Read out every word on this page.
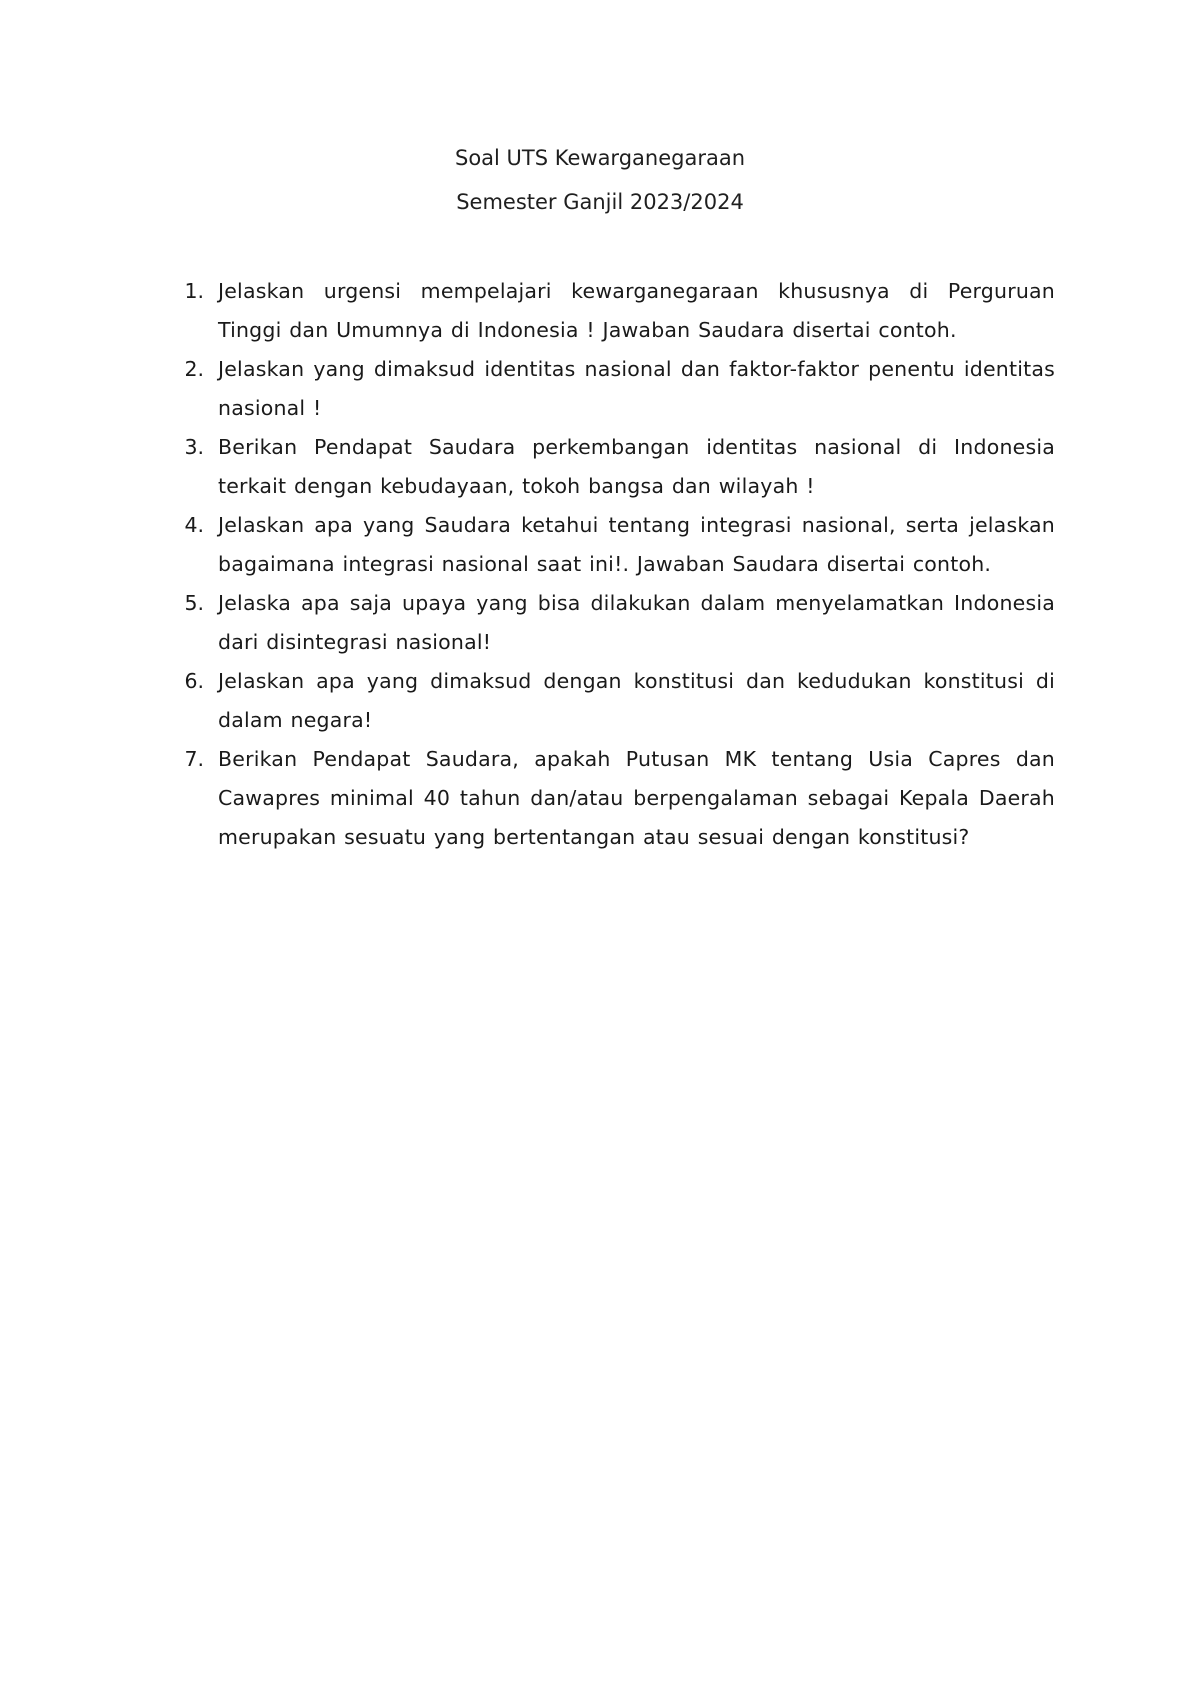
Soal UTS Kewarganegaraan
Semester Ganjil 2023/2024
1. Jelaskan urgensi mempelajari kewarganegaraan khususnya di Perguruan Tinggi dan Umumnya di Indonesia ! Jawaban Saudara disertai contoh.
2. Jelaskan yang dimaksud identitas nasional dan faktor-faktor penentu identitas nasional !
3. Berikan Pendapat Saudara perkembangan identitas nasional di Indonesia terkait dengan kebudayaan, tokoh bangsa dan wilayah !
4. Jelaskan apa yang Saudara ketahui tentang integrasi nasional, serta jelaskan bagaimana integrasi nasional saat ini!. Jawaban Saudara disertai contoh.
5. Jelaska apa saja upaya yang bisa dilakukan dalam menyelamatkan Indonesia dari disintegrasi nasional!
6. Jelaskan apa yang dimaksud dengan konstitusi dan kedudukan konstitusi di dalam negara!
7. Berikan Pendapat Saudara, apakah Putusan MK tentang Usia Capres dan Cawapres minimal 40 tahun dan/atau berpengalaman sebagai Kepala Daerah merupakan sesuatu yang bertentangan atau sesuai dengan konstitusi?
